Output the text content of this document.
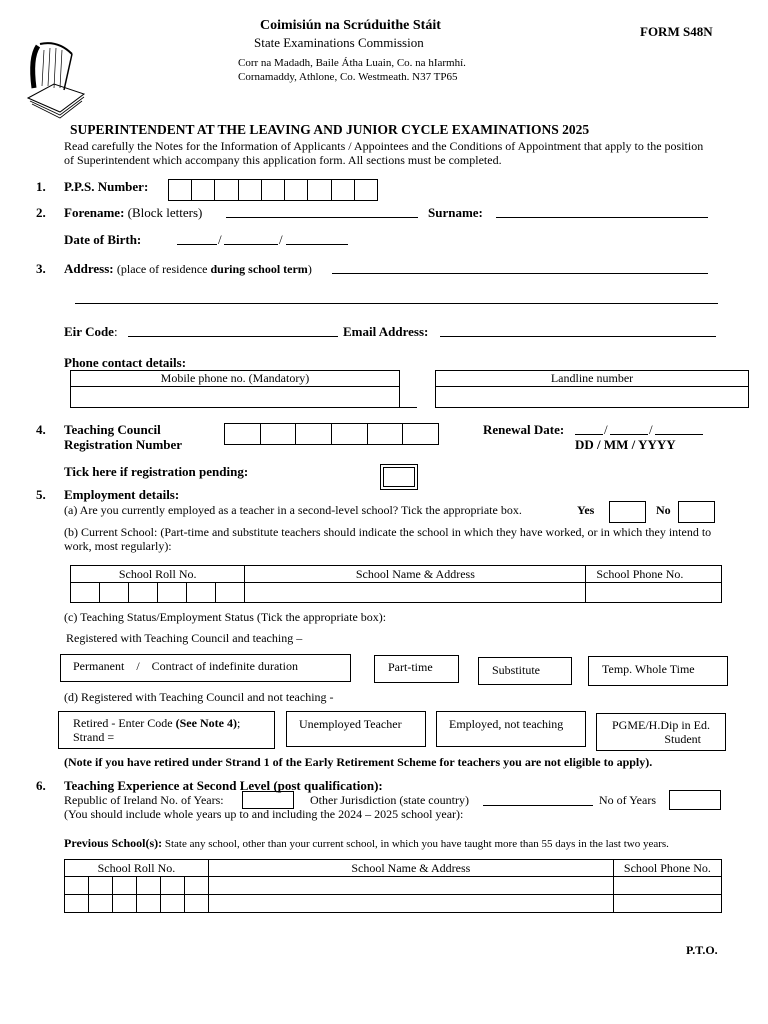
Coimisiún na Scrúduithe Stáit
State Examinations Commission
Corr na Madadh, Baile Átha Luain, Co. na hIarmhí.
Cornamaddy, Athlone, Co. Westmeath. N37 TP65
FORM S48N
SUPERINTENDENT AT THE LEAVING AND JUNIOR CYCLE EXAMINATIONS 2025
Read carefully the Notes for the Information of Applicants / Appointees and the Conditions of Appointment that apply to the position of Superintendent which accompany this application form. All sections must be completed.
1. P.P.S. Number:
2. Forename: (Block letters)	Surname:
Date of Birth:	/	/
3. Address: (place of residence during school term)
Eir Code:	Email Address:
Phone contact details:
Mobile phone no. (Mandatory)	Landline number
4. Teaching Council
Registration Number
Renewal Date:	/	/
DD / MM / YYYY
Tick here if registration pending:
5. Employment details:
(a) Are you currently employed as a teacher in a second-level school? Tick the appropriate box.	Yes	No
(b) Current School: (Part-time and substitute teachers should indicate the school in which they have worked, or in which they intend to work, most regularly):
School Roll No.						School Name & Address	School Phone No.

(c) Teaching Status/Employment Status (Tick the appropriate box):
Registered with Teaching Council and teaching –
Permanent    /    Contract of indefinite duration	Part-time	Substitute	Temp. Whole Time
(d) Registered with Teaching Council and not teaching -
Retired - Enter Code (See Note 4);
Strand =
Unemployed Teacher	Employed, not teaching	PGME/H.Dip in Ed.
Student
(Note if you have retired under Strand 1 of the Early Retirement Scheme for teachers you are not eligible to apply).
6. Teaching Experience at Second Level (post qualification):
Republic of Ireland No. of Years:	Other Jurisdiction (state country)	No of Years
(You should include whole years up to and including the 2024 – 2025 school year):
Previous School(s): State any school, other than your current school, in which you have taught more than 55 days in the last two years.
School Roll No.						School Name & Address	School Phone No.

P.T.O.
